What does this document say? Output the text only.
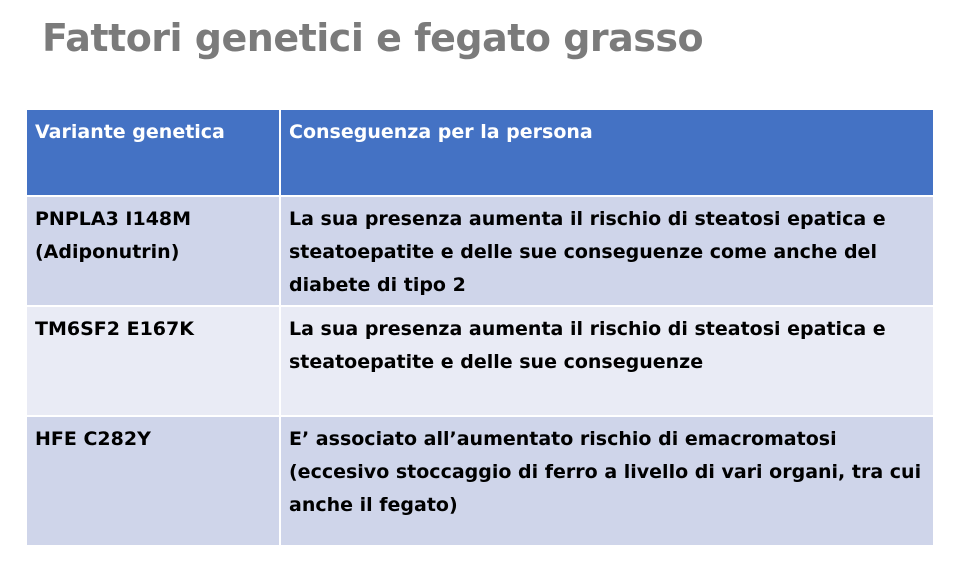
Fattori genetici e fegato grasso
Variante genetica	Conseguenza per la persona

PNPLA3 I148M
(Adiponutrin)	La sua presenza aumenta il rischio di steatosi epatica e steatoepatite e delle sue conseguenze come anche del diabete di tipo 2

TM6SF2 E167K	La sua presenza aumenta il rischio di steatosi epatica e steatoepatite e delle sue conseguenze

HFE C282Y	E’ associato all’aumentato rischio di emacromatosi (eccesivo stoccaggio di ferro a livello di vari organi, tra cui anche il fegato)
